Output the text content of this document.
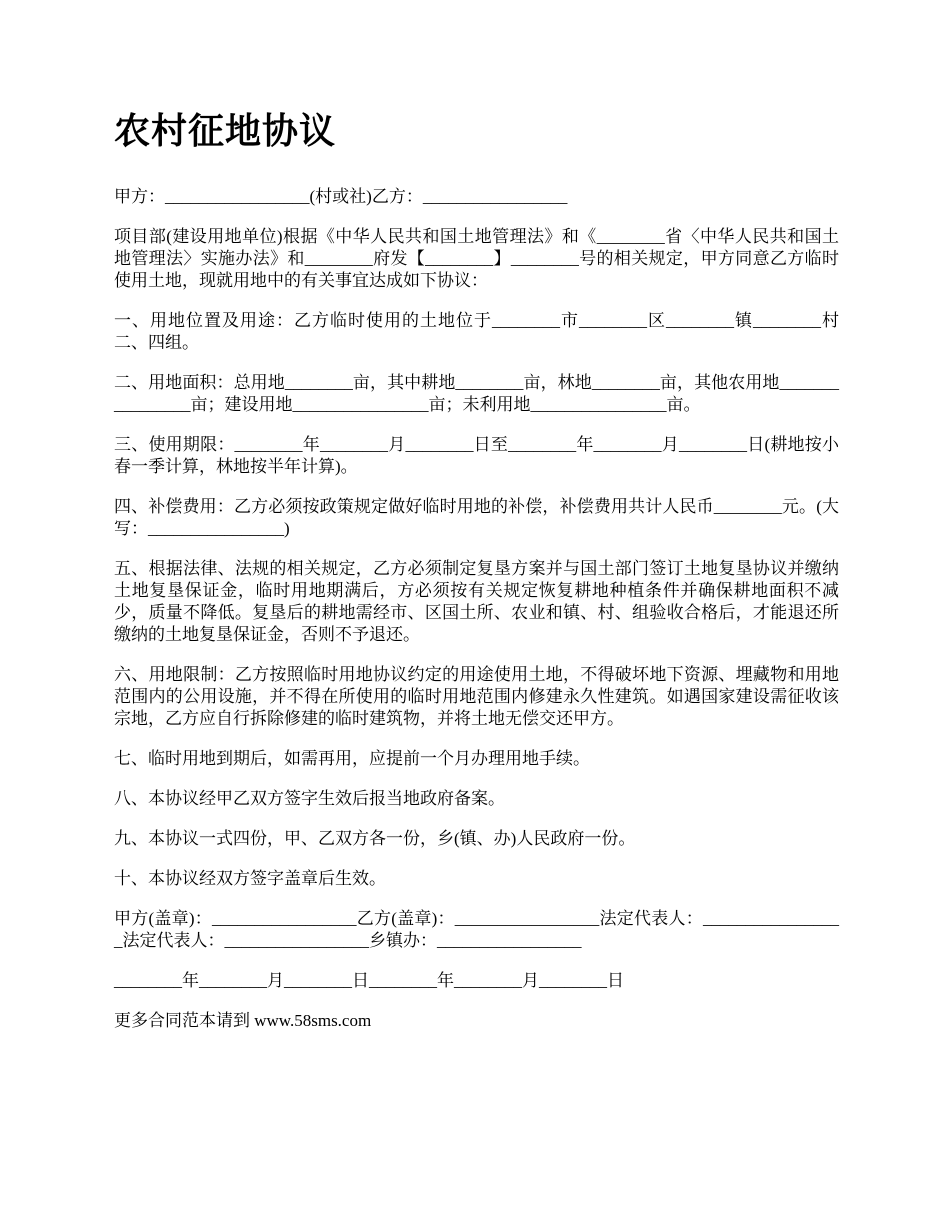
农村征地协议

甲方：_________________(村或社)乙方：_________________

项目部(建设用地单位)根据《中华人民共和国土地管理法》和《________省〈中华人民共和国土地管理法〉实施办法》和________府发【________】________号的相关规定，甲方同意乙方临时使用土地，现就用地中的有关事宜达成如下协议：

一、用地位置及用途：乙方临时使用的土地位于________市________区________镇________村二、四组。

二、用地面积：总用地________亩，其中耕地________亩，林地________亩，其他农用地________________亩；建设用地________________亩；未利用地________________亩。

三、使用期限：________年________月________日至________年________月________日(耕地按小春一季计算，林地按半年计算)。

四、补偿费用：乙方必须按政策规定做好临时用地的补偿，补偿费用共计人民币________元。(大写：________________)

五、根据法律、法规的相关规定，乙方必须制定复垦方案并与国土部门签订土地复垦协议并缴纳土地复垦保证金，临时用地期满后，方必须按有关规定恢复耕地种植条件并确保耕地面积不减少，质量不降低。复垦后的耕地需经市、区国土所、农业和镇、村、组验收合格后，才能退还所缴纳的土地复垦保证金，否则不予退还。

六、用地限制：乙方按照临时用地协议约定的用途使用土地，不得破坏地下资源、埋藏物和用地范围内的公用设施，并不得在所使用的临时用地范围内修建永久性建筑。如遇国家建设需征收该宗地，乙方应自行拆除修建的临时建筑物，并将土地无偿交还甲方。

七、临时用地到期后，如需再用，应提前一个月办理用地手续。

八、本协议经甲乙双方签字生效后报当地政府备案。

九、本协议一式四份，甲、乙双方各一份，乡(镇、办)人民政府一份。

十、本协议经双方签字盖章后生效。

甲方(盖章)：_________________乙方(盖章)：_________________法定代表人：_________________法定代表人：_________________乡镇办：_________________

________年________月________日________年________月________日

更多合同范本请到 www.58sms.com
